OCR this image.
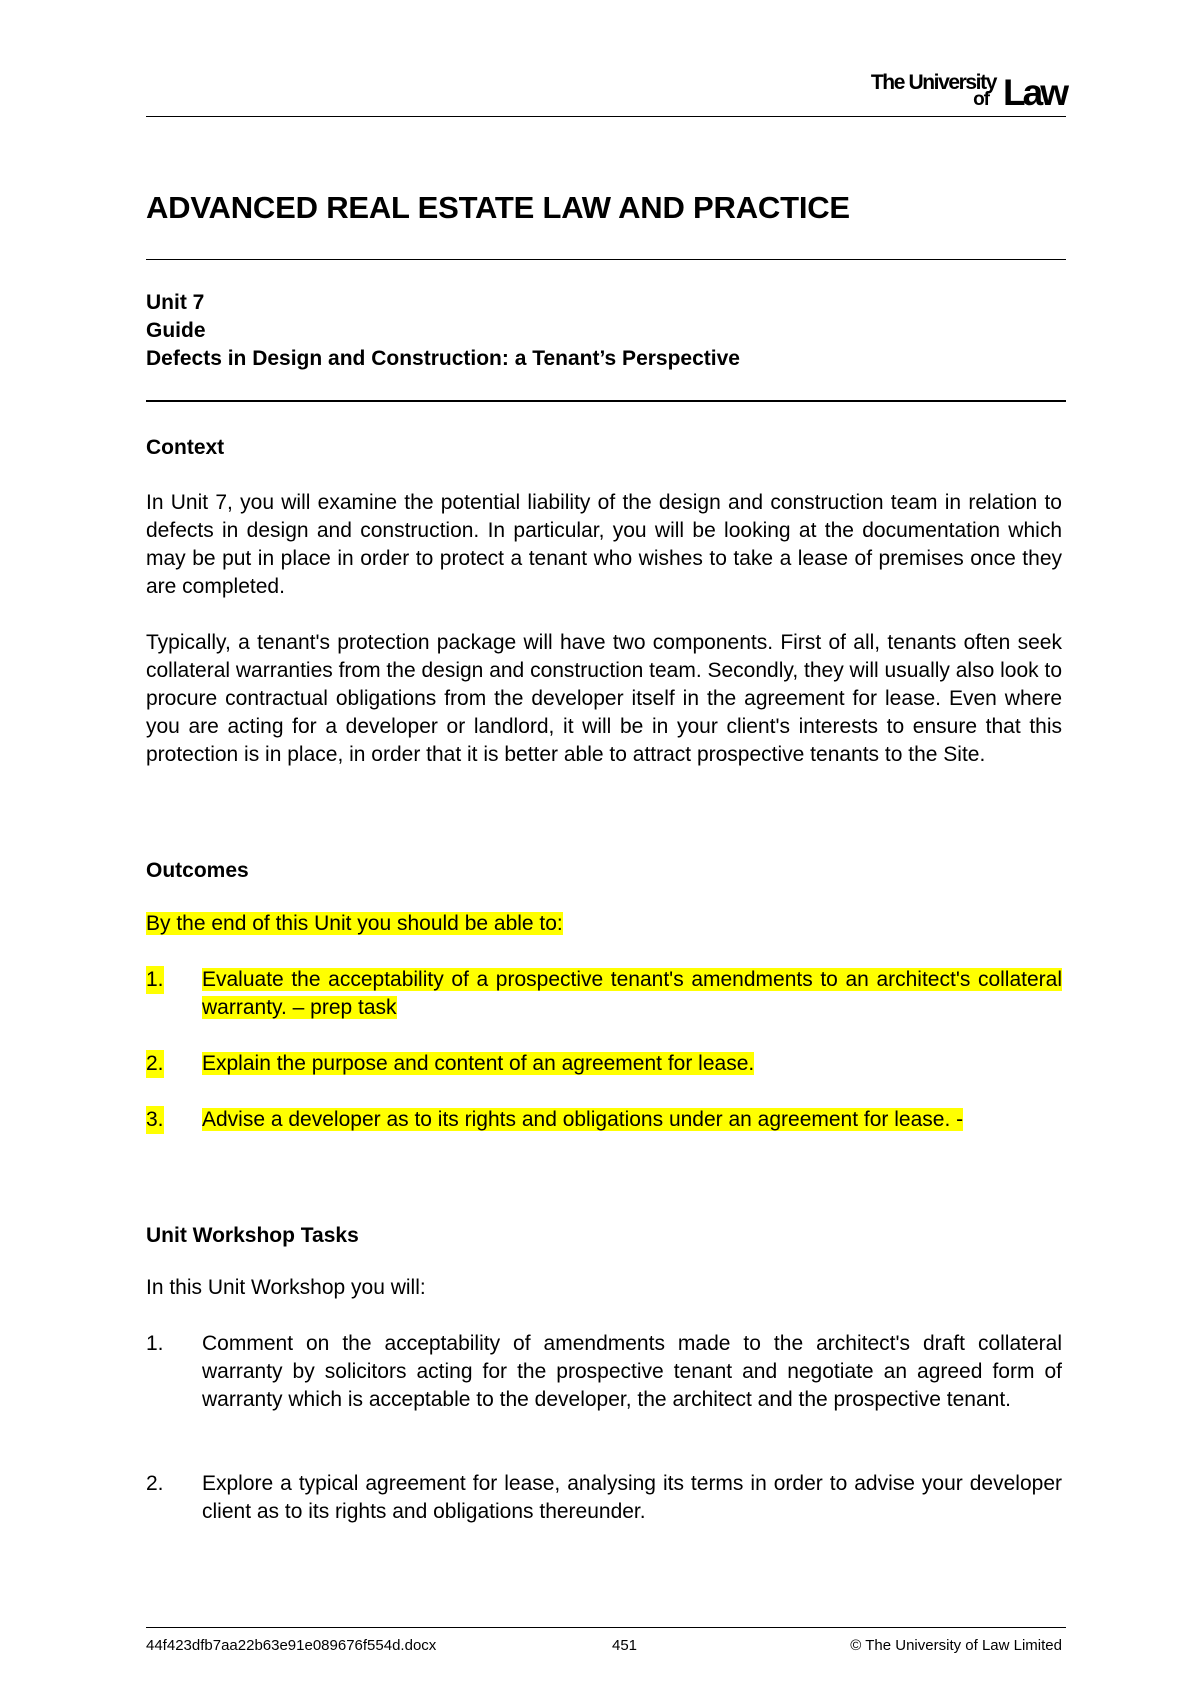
The University
of Law
ADVANCED REAL ESTATE LAW AND PRACTICE
Unit 7
Guide
Defects in Design and Construction: a Tenant’s Perspective
Context

In Unit 7, you will examine the potential liability of the design and construction team in relation to defects in design and construction. In particular, you will be looking at the documentation which may be put in place in order to protect a tenant who wishes to take a lease of premises once they are completed.

Typically, a tenant's protection package will have two components. First of all, tenants often seek collateral warranties from the design and construction team. Secondly, they will usually also look to procure contractual obligations from the developer itself in the agreement for lease. Even where you are acting for a developer or landlord, it will be in your client's interests to ensure that this protection is in place, in order that it is better able to attract prospective tenants to the Site.

Outcomes
By the end of this Unit you should be able to:
1. Evaluate the acceptability of a prospective tenant's amendments to an architect's collateral warranty. – prep task
2. Explain the purpose and content of an agreement for lease.
3. Advise a developer as to its rights and obligations under an agreement for lease. -
Unit Workshop Tasks
In this Unit Workshop you will:
1. Comment on the acceptability of amendments made to the architect's draft collateral warranty by solicitors acting for the prospective tenant and negotiate an agreed form of warranty which is acceptable to the developer, the architect and the prospective tenant.
2. Explore a typical agreement for lease, analysing its terms in order to advise your developer client as to its rights and obligations thereunder.
44f423dfb7aa22b63e91e089676f554d.docx	451	© The University of Law Limited
